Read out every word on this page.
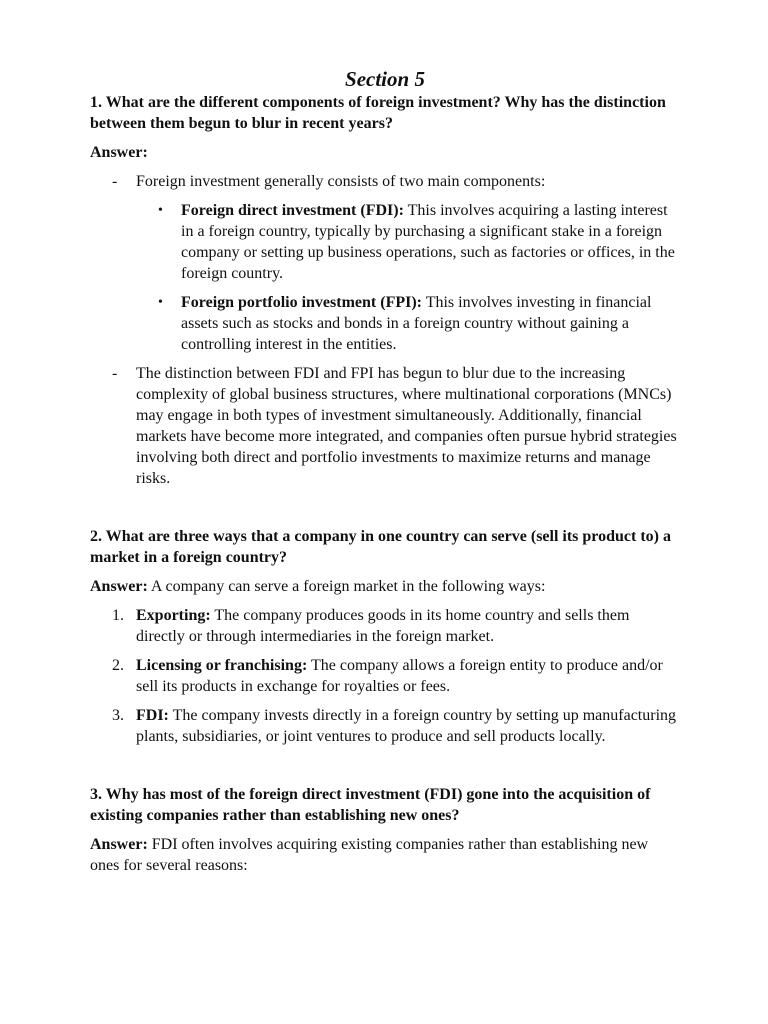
Section 5
1. What are the different components of foreign investment? Why has the distinction between them begun to blur in recent years?
Answer:
- Foreign investment generally consists of two main components:
• Foreign direct investment (FDI): This involves acquiring a lasting interest in a foreign country, typically by purchasing a significant stake in a foreign company or setting up business operations, such as factories or offices, in the foreign country.
• Foreign portfolio investment (FPI): This involves investing in financial assets such as stocks and bonds in a foreign country without gaining a controlling interest in the entities.
- The distinction between FDI and FPI has begun to blur due to the increasing complexity of global business structures, where multinational corporations (MNCs) may engage in both types of investment simultaneously. Additionally, financial markets have become more integrated, and companies often pursue hybrid strategies involving both direct and portfolio investments to maximize returns and manage risks.
2. What are three ways that a company in one country can serve (sell its product to) a market in a foreign country?
Answer: A company can serve a foreign market in the following ways:
1. Exporting: The company produces goods in its home country and sells them directly or through intermediaries in the foreign market.
2. Licensing or franchising: The company allows a foreign entity to produce and/or sell its products in exchange for royalties or fees.
3. FDI: The company invests directly in a foreign country by setting up manufacturing plants, subsidiaries, or joint ventures to produce and sell products locally.
3. Why has most of the foreign direct investment (FDI) gone into the acquisition of existing companies rather than establishing new ones?
Answer: FDI often involves acquiring existing companies rather than establishing new ones for several reasons:
